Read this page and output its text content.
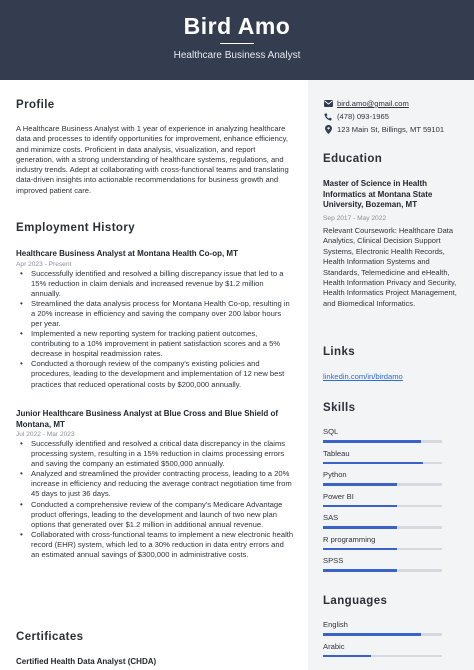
Bird Amo
Healthcare Business Analyst
Profile
A Healthcare Business Analyst with 1 year of experience in analyzing healthcare data and processes to identify opportunities for improvement, enhance efficiency, and minimize costs. Proficient in data analysis, visualization, and report generation, with a strong understanding of healthcare systems, regulations, and industry trends. Adept at collaborating with cross-functional teams and translating data-driven insights into actionable recommendations for business growth and improved patient care.
Employment History
Healthcare Business Analyst at Montana Health Co-op, MT
Apr 2023 - Present
• Successfully identified and resolved a billing discrepancy issue that led to a 15% reduction in claim denials and increased revenue by $1.2 million annually.
• Streamlined the data analysis process for Montana Health Co-op, resulting in a 20% increase in efficiency and saving the company over 200 labor hours per year.
• Implemented a new reporting system for tracking patient outcomes, contributing to a 10% improvement in patient satisfaction scores and a 5% decrease in hospital readmission rates.
• Conducted a thorough review of the company's existing policies and procedures, leading to the development and implementation of 12 new best practices that reduced operational costs by $200,000 annually.
Junior Healthcare Business Analyst at Blue Cross and Blue Shield of Montana, MT
Jul 2022 - Mar 2023
• Successfully identified and resolved a critical data discrepancy in the claims processing system, resulting in a 15% reduction in claims processing errors and saving the company an estimated $500,000 annually.
• Analyzed and streamlined the provider contracting process, leading to a 20% increase in efficiency and reducing the average contract negotiation time from 45 days to just 36 days.
• Conducted a comprehensive review of the company's Medicare Advantage product offerings, leading to the development and launch of two new plan options that generated over $1.2 million in additional annual revenue.
• Collaborated with cross-functional teams to implement a new electronic health record (EHR) system, which led to a 30% reduction in data entry errors and an estimated annual savings of $300,000 in administrative costs.
Certificates
Certified Health Data Analyst (CHDA)
bird.amo@gmail.com
(478) 093-1965
123 Main St, Billings, MT 59101
Education
Master of Science in Health Informatics at Montana State University, Bozeman, MT
Sep 2017 - May 2022
Relevant Coursework: Healthcare Data Analytics, Clinical Decision Support Systems, Electronic Health Records, Health Information Systems and Standards, Telemedicine and eHealth, Health Information Privacy and Security, Health Informatics Project Management, and Biomedical Informatics.
Links
linkedin.com/in/birdamo
Skills
SQL
Tableau
Python
Power BI
SAS
R programming
SPSS
Languages
English
Arabic
